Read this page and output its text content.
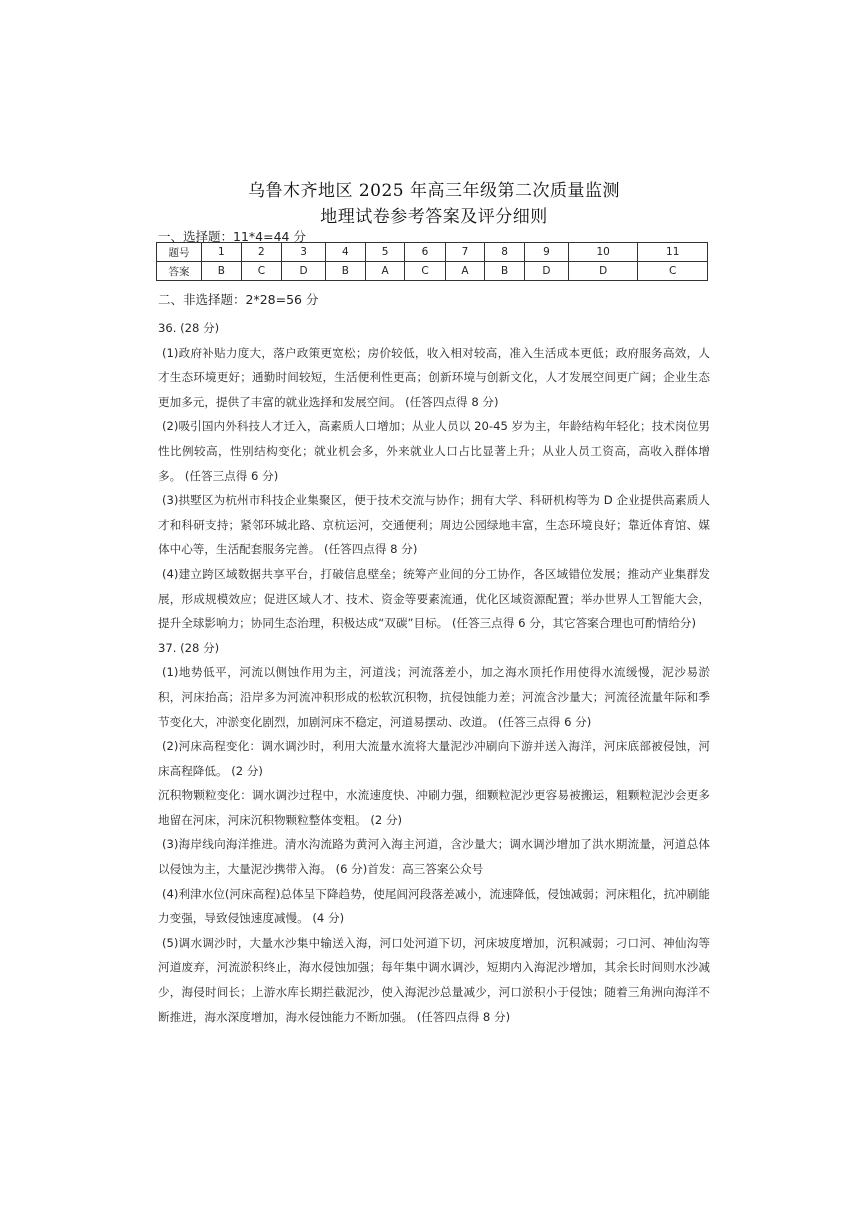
乌鲁木齐地区 2025 年高三年级第二次质量监测
地理试卷参考答案及评分细则
一、选择题：11*4=44 分
题号	1	2	3	4	5	6	7	8	9	10	11
答案	B	C	D	B	A	C	A	B	D	D	C
二、非选择题：2*28=56 分

36. (28 分)

(1)政府补贴力度大，落户政策更宽松；房价较低，收入相对较高，准入生活成本更低；政府服务高效，人才生态环境更好；通勤时间较短，生活便利性更高；创新环境与创新文化，人才发展空间更广阔；企业生态更加多元，提供了丰富的就业选择和发展空间。 (任答四点得 8 分)

(2)吸引国内外科技人才迁入，高素质人口增加；从业人员以 20-45 岁为主，年龄结构年轻化；技术岗位男性比例较高，性别结构变化；就业机会多，外来就业人口占比显著上升；从业人员工资高，高收入群体增多。 (任答三点得 6 分)

(3)拱墅区为杭州市科技企业集聚区，便于技术交流与协作；拥有大学、科研机构等为 D 企业提供高素质人才和科研支持；紧邻环城北路、京杭运河，交通便利；周边公园绿地丰富，生态环境良好；靠近体育馆、媒体中心等，生活配套服务完善。 (任答四点得 8 分)

(4)建立跨区域数据共享平台，打破信息壁垒；统筹产业间的分工协作，各区域错位发展；推动产业集群发展，形成规模效应；促进区域人才、技术、资金等要素流通，优化区域资源配置；举办世界人工智能大会，提升全球影响力；协同生态治理，积极达成“双碳”目标。 (任答三点得 6 分，其它答案合理也可酌情给分)

37. (28 分)

(1)地势低平，河流以侧蚀作用为主，河道浅；河流落差小，加之海水顶托作用使得水流缓慢，泥沙易淤积，河床抬高；沿岸多为河流冲积形成的松软沉积物，抗侵蚀能力差；河流含沙量大；河流径流量年际和季节变化大，冲淤变化剧烈，加剧河床不稳定，河道易摆动、改道。 (任答三点得 6 分)

(2)河床高程变化：调水调沙时，利用大流量水流将大量泥沙冲刷向下游并送入海洋，河床底部被侵蚀，河床高程降低。 (2 分)

沉积物颗粒变化：调水调沙过程中，水流速度快、冲刷力强，细颗粒泥沙更容易被搬运，粗颗粒泥沙会更多地留在河床，河床沉积物颗粒整体变粗。 (2 分)

(3)海岸线向海洋推进。清水沟流路为黄河入海主河道，含沙量大；调水调沙增加了洪水期流量，河道总体以侵蚀为主，大量泥沙携带入海。 (6 分)首发：高三答案公众号

(4)利津水位(河床高程)总体呈下降趋势，使尾闾河段落差减小，流速降低，侵蚀减弱；河床粗化，抗冲刷能力变强，导致侵蚀速度减慢。 (4 分)

(5)调水调沙时，大量水沙集中输送入海，河口处河道下切，河床坡度增加，沉积减弱；刁口河、神仙沟等河道废弃，河流淤积终止，海水侵蚀加强；每年集中调水调沙，短期内入海泥沙增加，其余长时间则水沙减少，海侵时间长；上游水库长期拦截泥沙，使入海泥沙总量减少，河口淤积小于侵蚀；随着三角洲向海洋不断推进，海水深度增加，海水侵蚀能力不断加强。 (任答四点得 8 分)
